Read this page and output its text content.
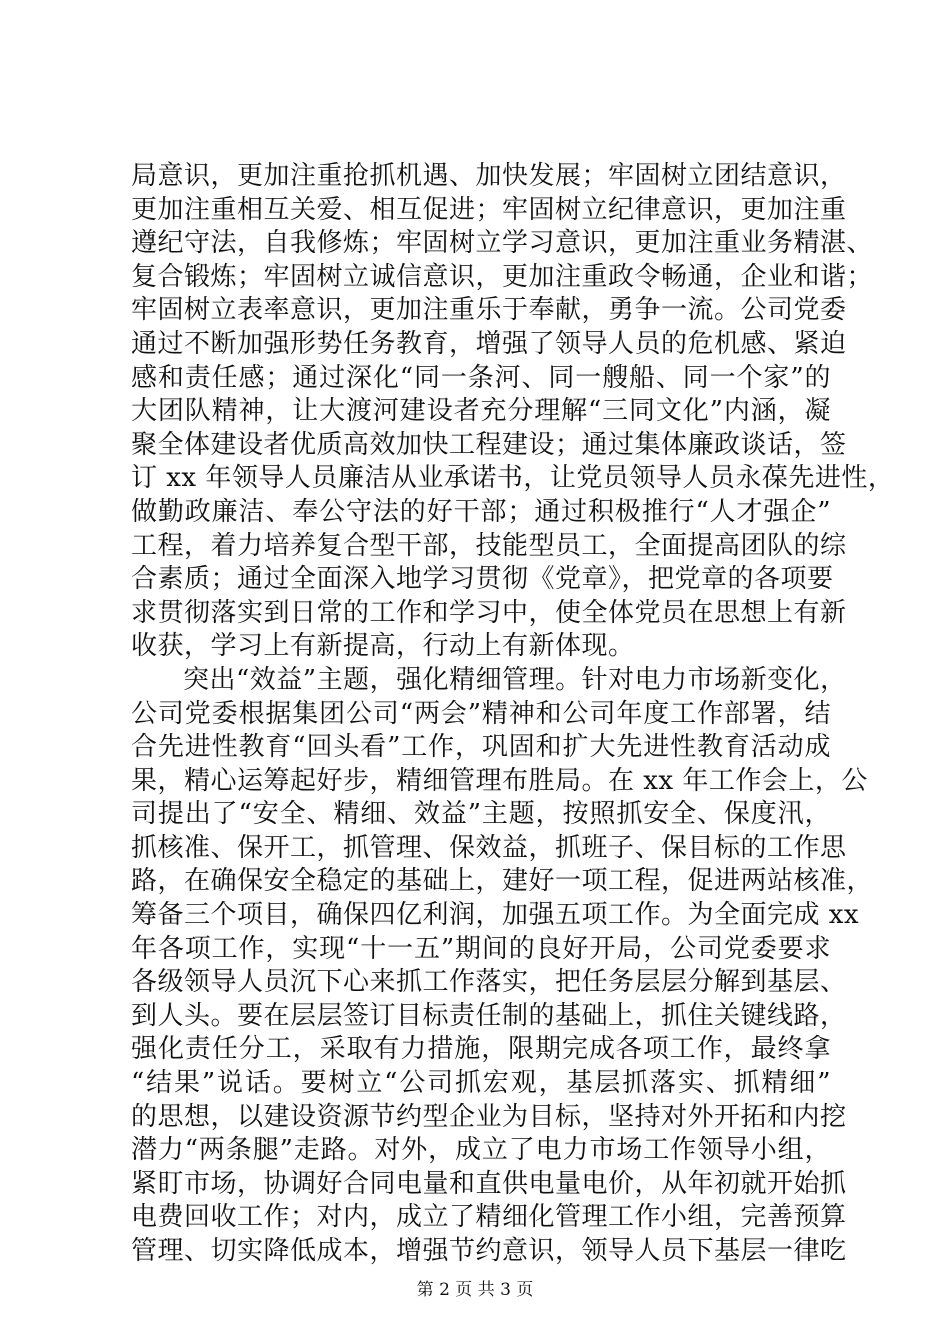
局意识，更加注重抢抓机遇、加快发展；牢固树立团结意识，
更加注重相互关爱、相互促进；牢固树立纪律意识，更加注重
遵纪守法，自我修炼；牢固树立学习意识，更加注重业务精湛、
复合锻炼；牢固树立诚信意识，更加注重政令畅通，企业和谐；
牢固树立表率意识，更加注重乐于奉献，勇争一流。公司党委
通过不断加强形势任务教育，增强了领导人员的危机感、紧迫
感和责任感；通过深化“同一条河、同一艘船、同一个家”的
大团队精神，让大渡河建设者充分理解“三同文化”内涵，凝
聚全体建设者优质高效加快工程建设；通过集体廉政谈话，签
订 xx 年领导人员廉洁从业承诺书，让党员领导人员永葆先进性，
做勤政廉洁、奉公守法的好干部；通过积极推行“人才强企”
工程，着力培养复合型干部，技能型员工，全面提高团队的综
合素质；通过全面深入地学习贯彻《党章》，把党章的各项要
求贯彻落实到日常的工作和学习中，使全体党员在思想上有新
收获，学习上有新提高，行动上有新体现。
突出“效益”主题，强化精细管理。针对电力市场新变化，
公司党委根据集团公司“两会”精神和公司年度工作部署，结
合先进性教育“回头看”工作，巩固和扩大先进性教育活动成
果，精心运筹起好步，精细管理布胜局。在 xx 年工作会上，公
司提出了“安全、精细、效益”主题，按照抓安全、保度汛，
抓核准、保开工，抓管理、保效益，抓班子、保目标的工作思
路，在确保安全稳定的基础上，建好一项工程，促进两站核准，
筹备三个项目，确保四亿利润，加强五项工作。为全面完成 xx
年各项工作，实现“十一五”期间的良好开局，公司党委要求
各级领导人员沉下心来抓工作落实，把任务层层分解到基层、
到人头。要在层层签订目标责任制的基础上，抓住关键线路，
强化责任分工，采取有力措施，限期完成各项工作，最终拿
“结果”说话。要树立“公司抓宏观，基层抓落实、抓精细”
的思想，以建设资源节约型企业为目标，坚持对外开拓和内挖
潜力“两条腿”走路。对外，成立了电力市场工作领导小组，
紧盯市场，协调好合同电量和直供电量电价，从年初就开始抓
电费回收工作；对内，成立了精细化管理工作小组，完善预算
管理、切实降低成本，增强节约意识，领导人员下基层一律吃
第 2 页 共 3 页
